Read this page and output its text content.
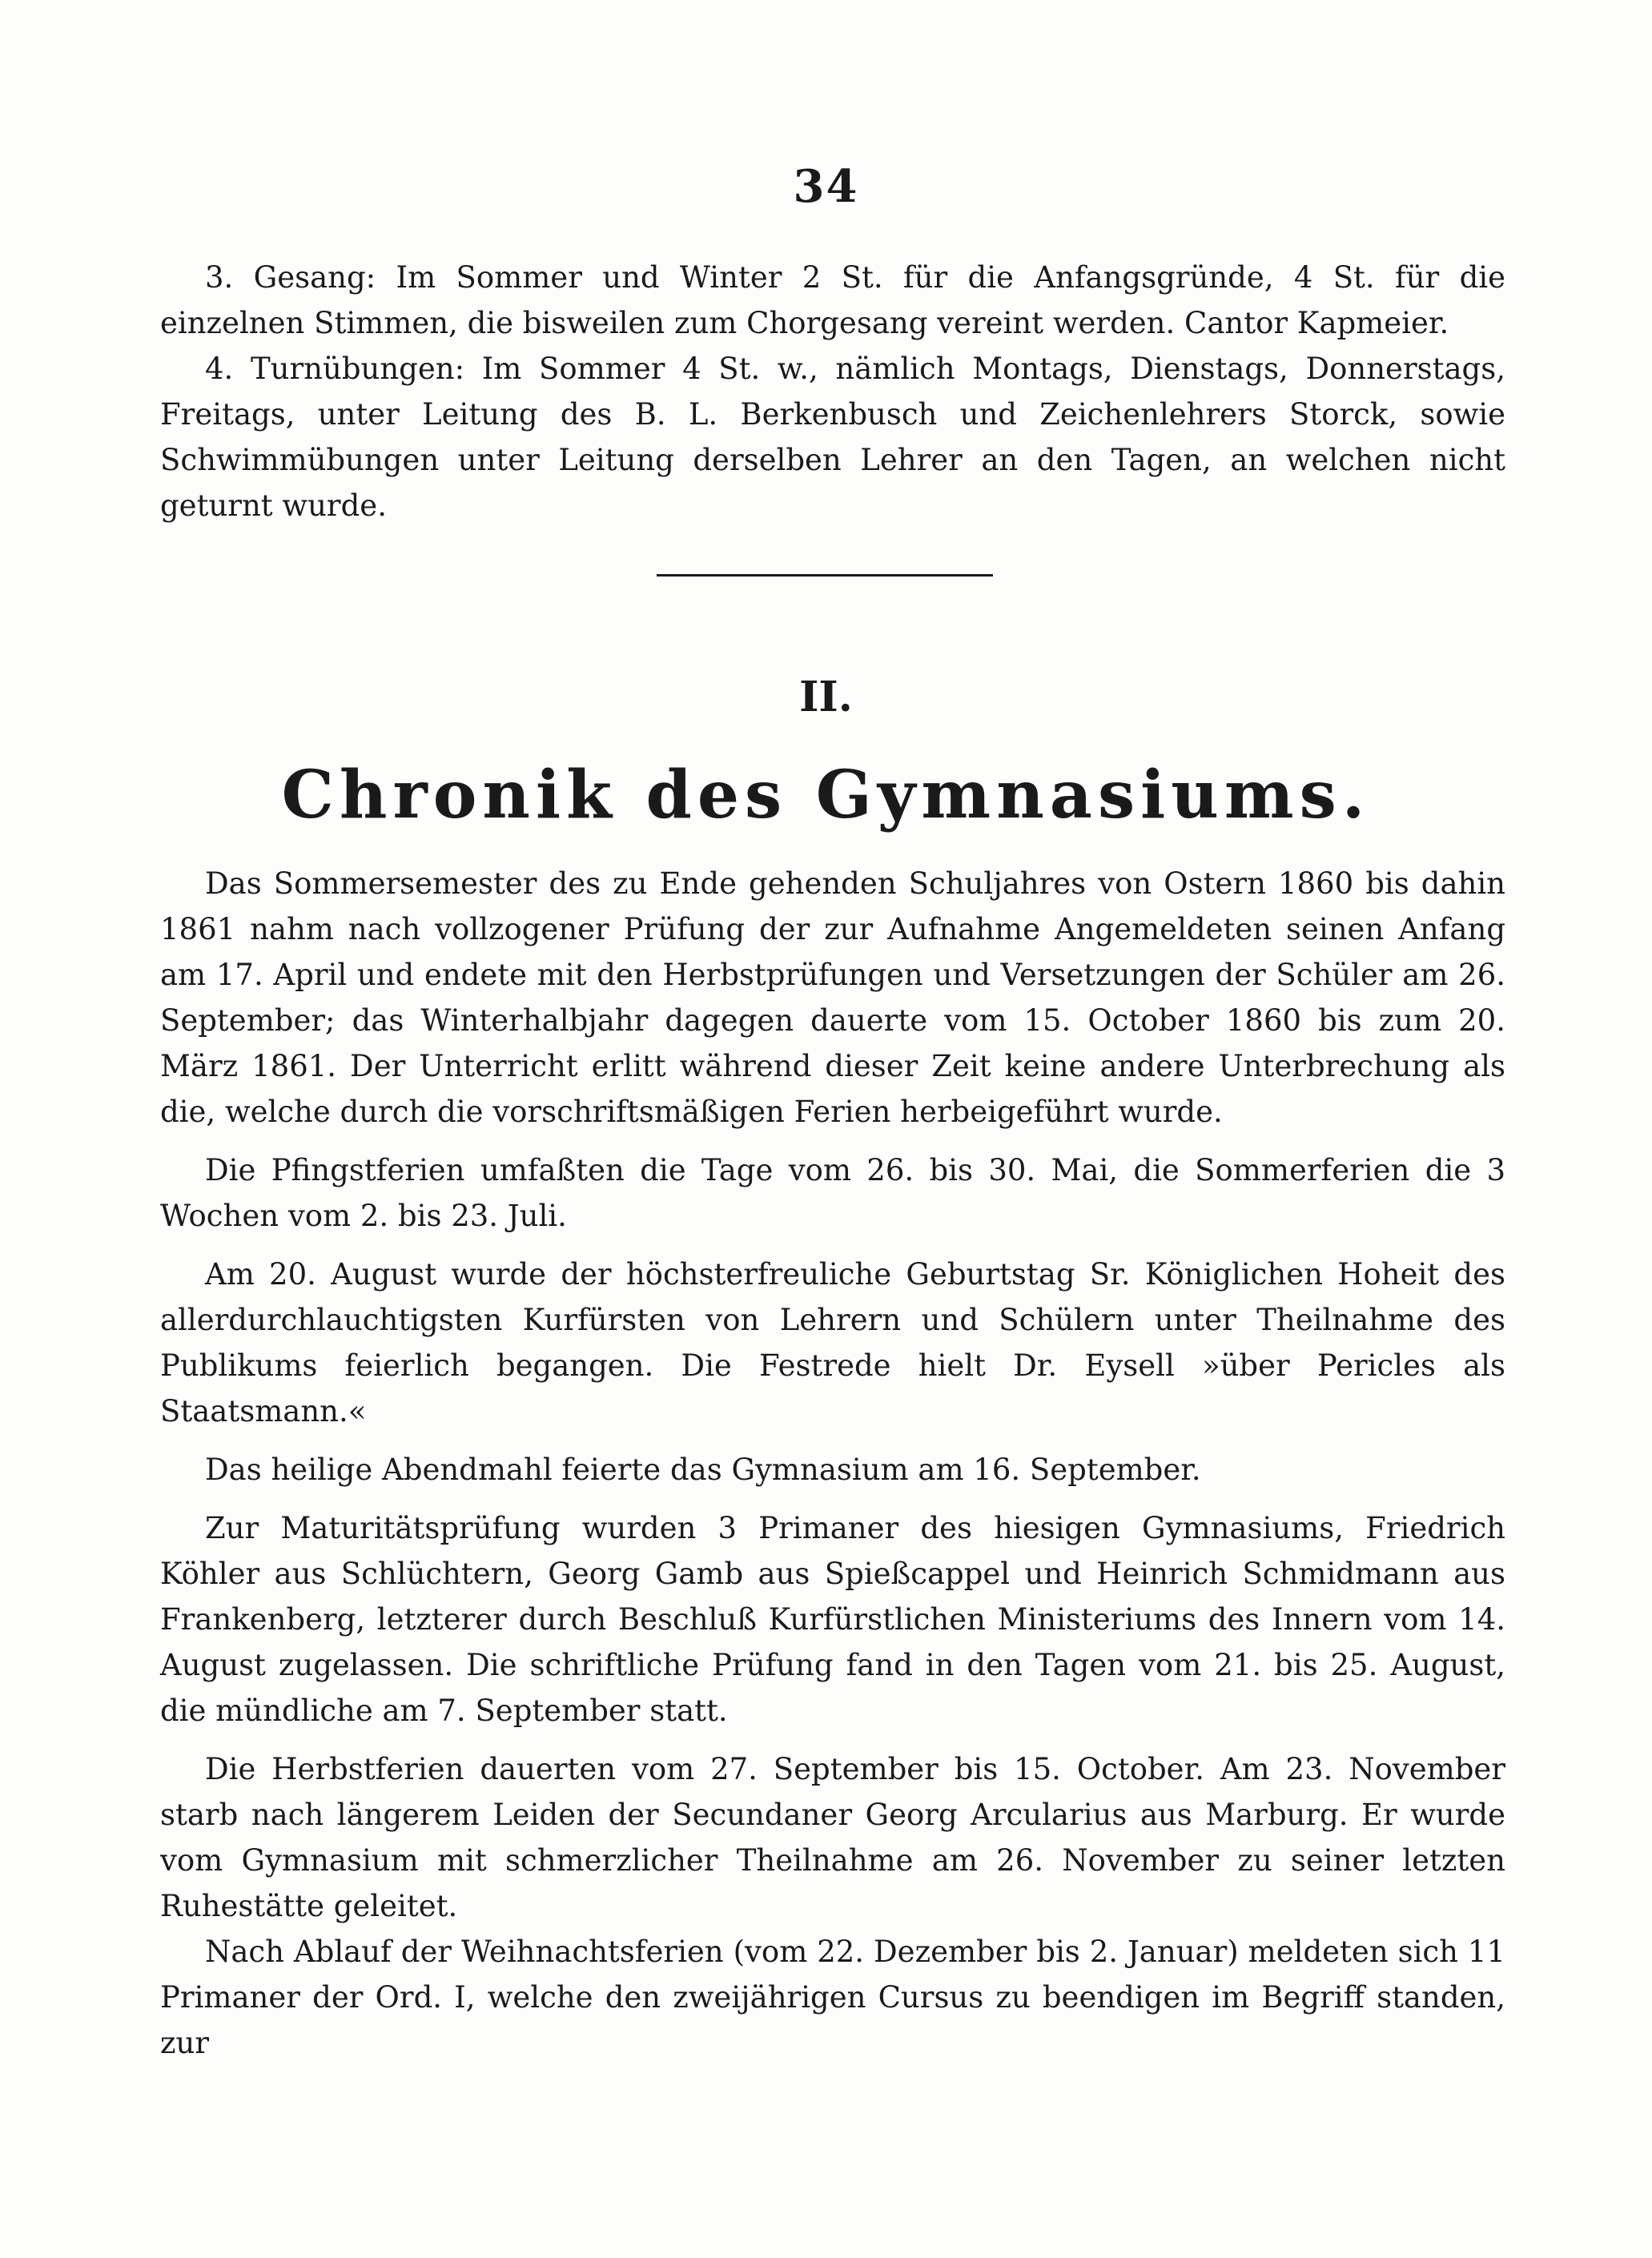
34

3. Gesang: Im Sommer und Winter 2 St. für die Anfangsgründe, 4 St. für die einzelnen Stimmen, die bisweilen zum Chorgesang vereint werden. Cantor Kapmeier.

4. Turnübungen: Im Sommer 4 St. w., nämlich Montags, Dienstags, Donnerstags, Freitags, unter Leitung des B. L. Berkenbusch und Zeichenlehrers Storck, sowie Schwimmübungen unter Leitung derselben Lehrer an den Tagen, an welchen nicht geturnt wurde.

II.
Chronik des Gymnasiums.

Das Sommersemester des zu Ende gehenden Schuljahres von Ostern 1860 bis dahin 1861 nahm nach vollzogener Prüfung der zur Aufnahme Angemeldeten seinen Anfang am 17. April und endete mit den Herbstprüfungen und Versetzungen der Schüler am 26. September; das Winterhalbjahr dagegen dauerte vom 15. October 1860 bis zum 20. März 1861. Der Unterricht erlitt während dieser Zeit keine andere Unterbrechung als die, welche durch die vorschriftsmäßigen Ferien herbeigeführt wurde.

Die Pfingstferien umfaßten die Tage vom 26. bis 30. Mai, die Sommerferien die 3 Wochen vom 2. bis 23. Juli.

Am 20. August wurde der höchsterfreuliche Geburtstag Sr. Königlichen Hoheit des allerdurchlauchtigsten Kurfürsten von Lehrern und Schülern unter Theilnahme des Publikums feierlich begangen. Die Festrede hielt Dr. Eysell »über Pericles als Staatsmann.«

Das heilige Abendmahl feierte das Gymnasium am 16. September.

Zur Maturitätsprüfung wurden 3 Primaner des hiesigen Gymnasiums, Friedrich Köhler aus Schlüchtern, Georg Gamb aus Spießcappel und Heinrich Schmidmann aus Frankenberg, letzterer durch Beschluß Kurfürstlichen Ministeriums des Innern vom 14. August zugelassen. Die schriftliche Prüfung fand in den Tagen vom 21. bis 25. August, die mündliche am 7. September statt.

Die Herbstferien dauerten vom 27. September bis 15. October. Am 23. November starb nach längerem Leiden der Secundaner Georg Arcularius aus Marburg. Er wurde vom Gymnasium mit schmerzlicher Theilnahme am 26. November zu seiner letzten Ruhestätte geleitet.

Nach Ablauf der Weihnachtsferien (vom 22. Dezember bis 2. Januar) meldeten sich 11 Primaner der Ord. I, welche den zweijährigen Cursus zu beendigen im Begriff standen, zur
